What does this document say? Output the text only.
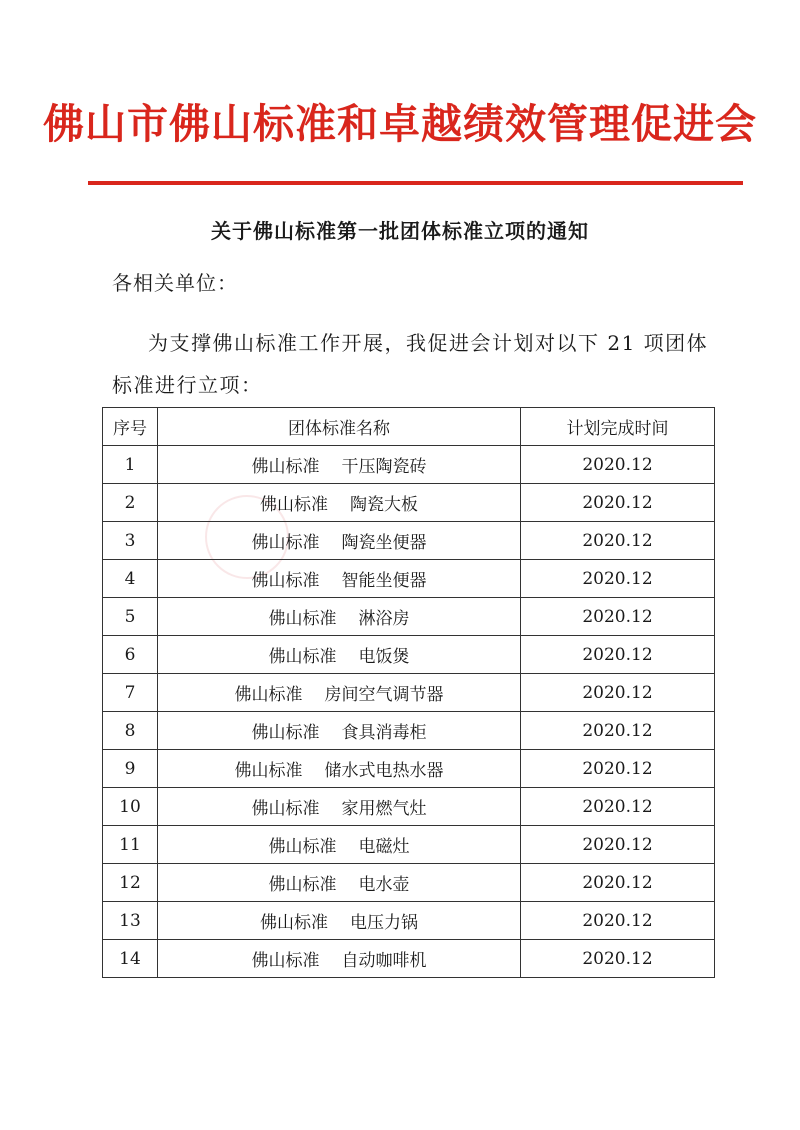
佛山市佛山标准和卓越绩效管理促进会
关于佛山标准第一批团体标准立项的通知
各相关单位：
为支撑佛山标准工作开展，我促进会计划对以下 21 项团体标准进行立项：
序号	团体标准名称	计划完成时间
1	佛山标准 干压陶瓷砖	2020.12
2	佛山标准 陶瓷大板	2020.12
3	佛山标准 陶瓷坐便器	2020.12
4	佛山标准 智能坐便器	2020.12
5	佛山标准 淋浴房	2020.12
6	佛山标准 电饭煲	2020.12
7	佛山标准 房间空气调节器	2020.12
8	佛山标准 食具消毒柜	2020.12
9	佛山标准 储水式电热水器	2020.12
10	佛山标准 家用燃气灶	2020.12
11	佛山标准 电磁灶	2020.12
12	佛山标准 电水壶	2020.12
13	佛山标准 电压力锅	2020.12
14	佛山标准 自动咖啡机	2020.12
